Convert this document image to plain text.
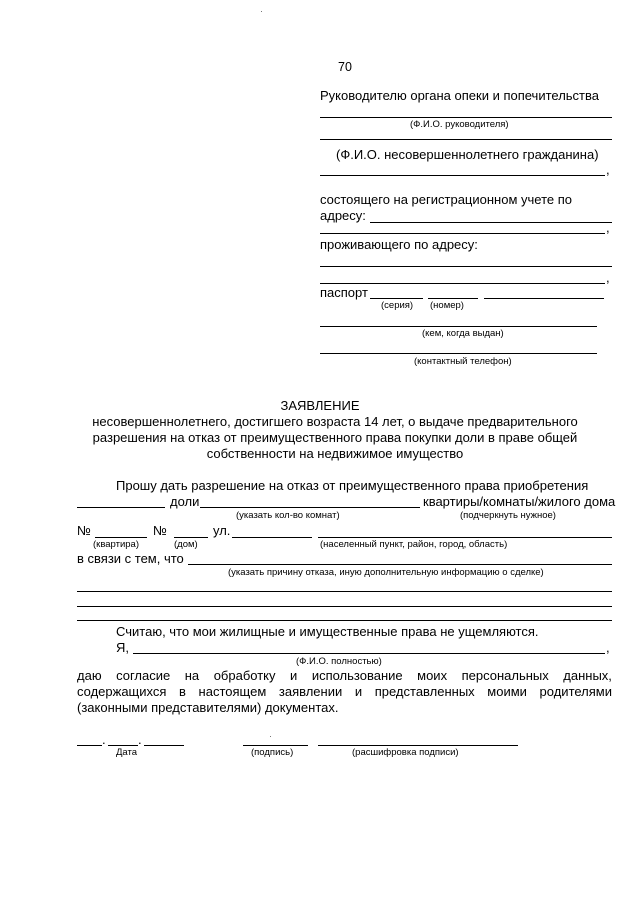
70
Руководителю органа опеки и попечительства
(Ф.И.О. руководителя)
(Ф.И.О. несовершеннолетнего гражданина)
,
состоящего на регистрационном учете по
адресу:
,
проживающего по адресу:
,
паспорт
(серия) (номер)
(кем, когда выдан)
(контактный телефон)
ЗАЯВЛЕНИЕ
несовершеннолетнего, достигшего возраста 14 лет, о выдаче предварительного
разрешения на отказ от преимущественного права покупки доли в праве общей
собственности на недвижимое имущество
Прошу дать разрешение на отказ от преимущественного права приобретения
доли	квартиры/комнаты/жилого дома
(указать кол-во комнат)	(подчеркнуть нужное)
№	№	ул.
(квартира)	(дом)	(населенный пункт, район, город, область)
в связи с тем, что
(указать причину отказа, иную дополнительную информацию о сделке)
Считаю, что мои жилищные и имущественные права не ущемляются.
Я,	,
(Ф.И.О. полностью)
даю согласие на обработку и использование моих персональных данных,
содержащихся в настоящем заявлении и представленных моими родителями
(законными представителями) документах.
. .
Дата	(подпись)	(расшифровка подписи)
